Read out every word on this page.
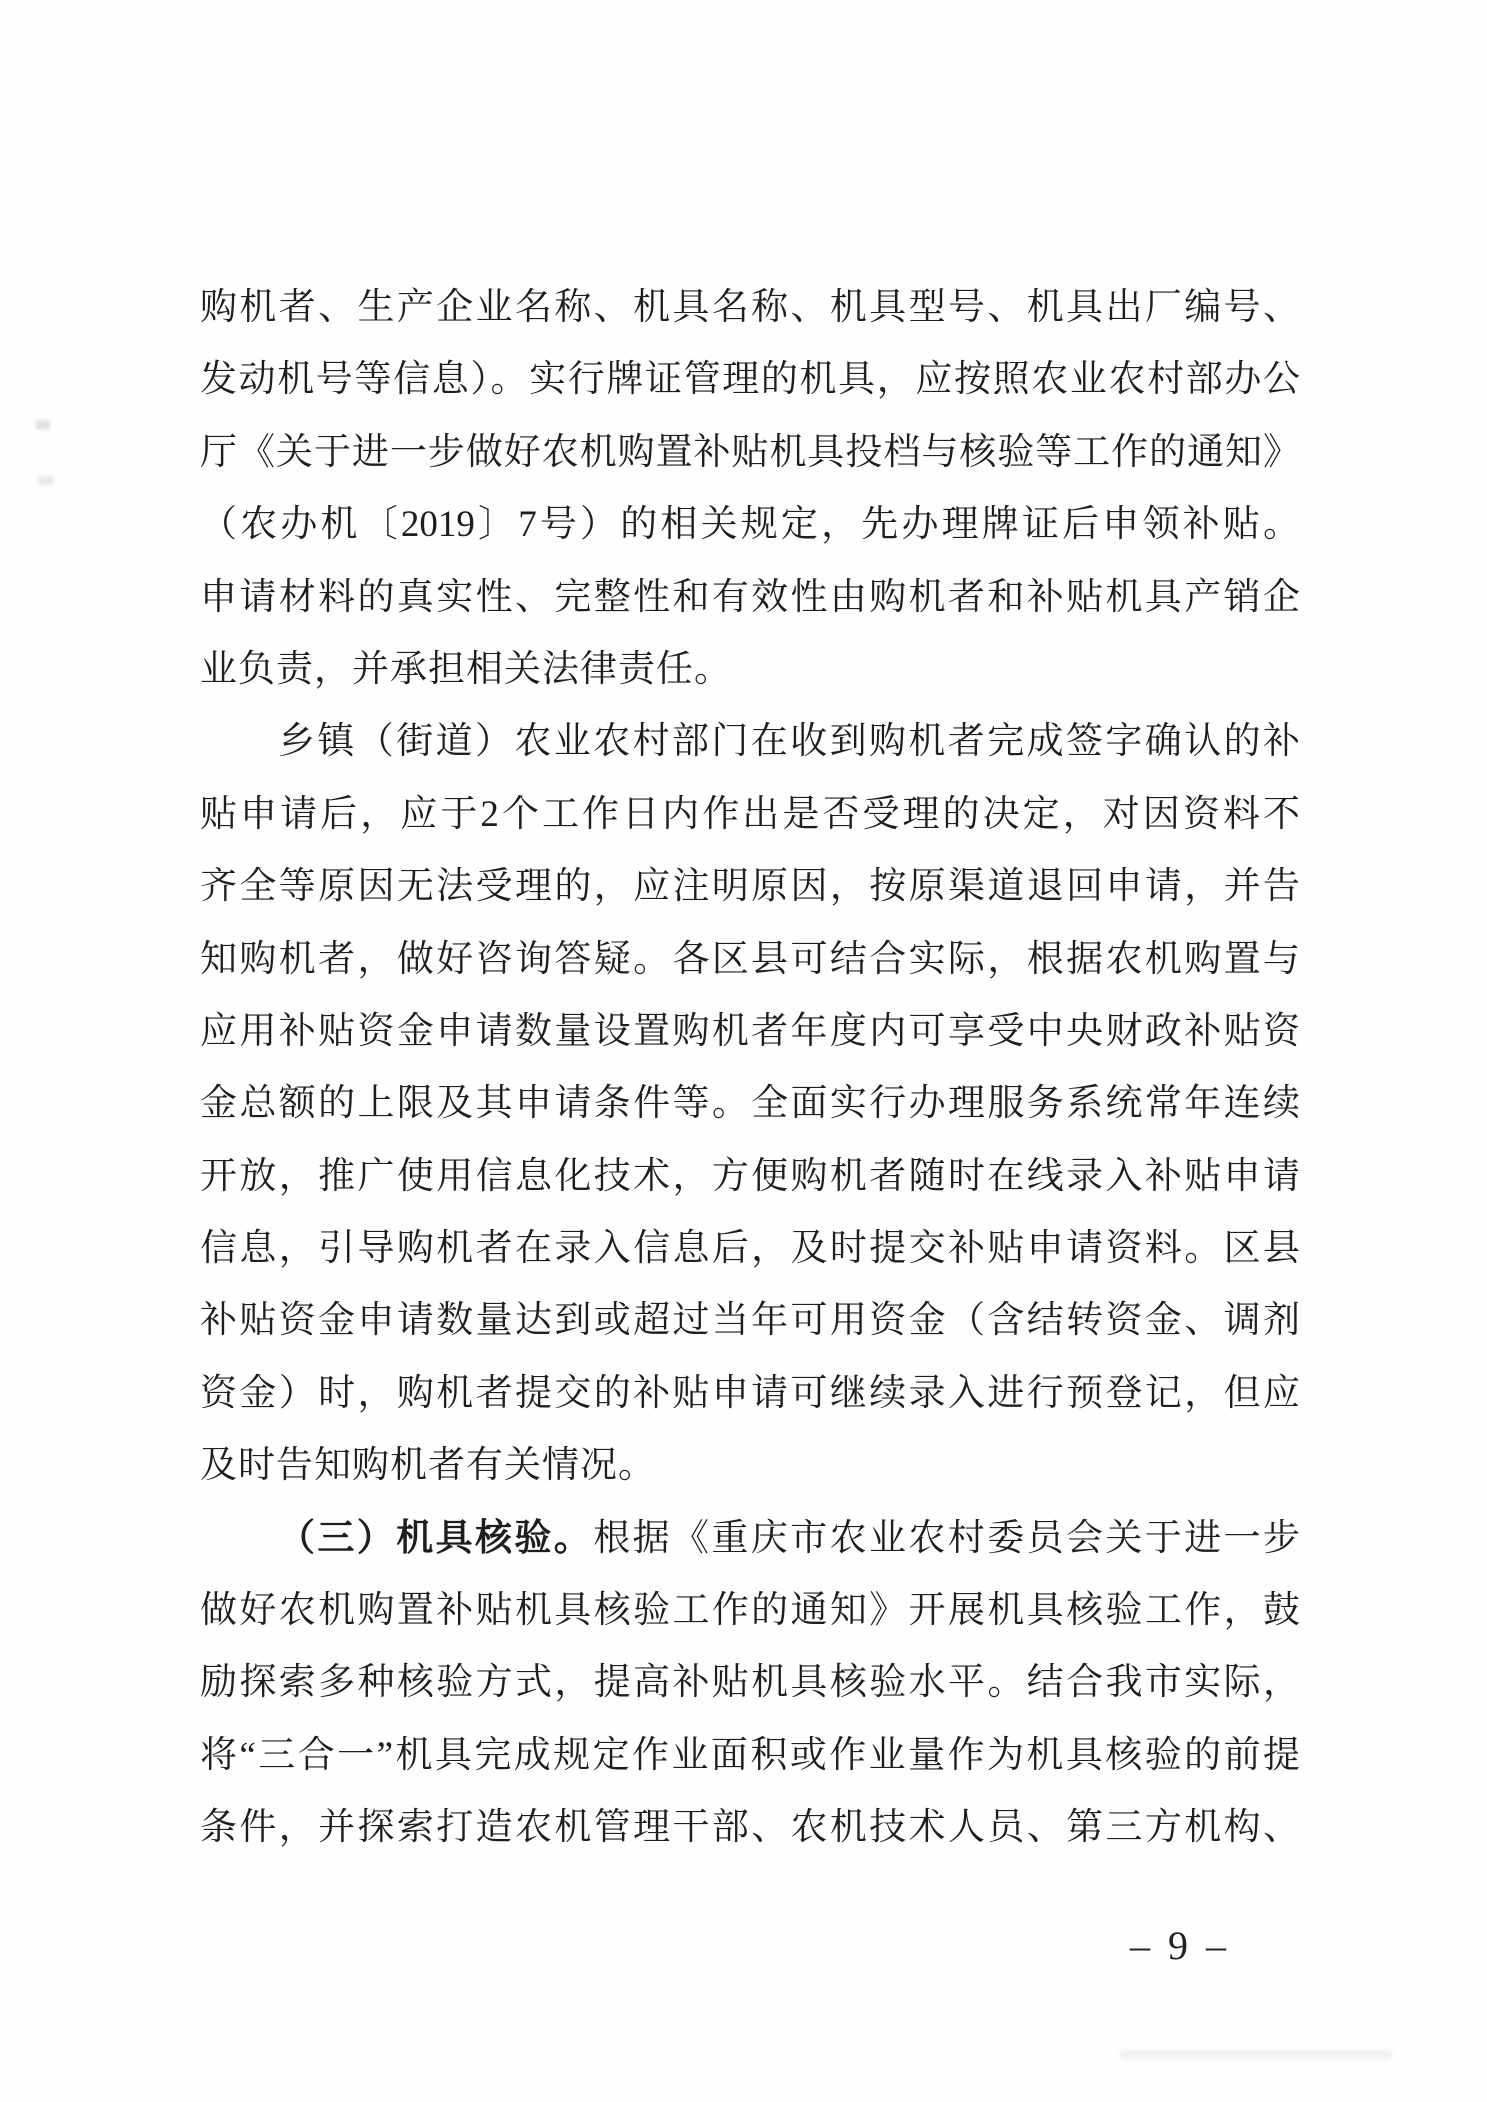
购机者、生产企业名称、机具名称、机具型号、机具出厂编号、
发动机号等信息）。实行牌证管理的机具，应按照农业农村部办公
厅《关于进一步做好农机购置补贴机具投档与核验等工作的通知》
（农办机〔2019〕7号）的相关规定，先办理牌证后申领补贴。
申请材料的真实性、完整性和有效性由购机者和补贴机具产销企
业负责，并承担相关法律责任。
乡镇（街道）农业农村部门在收到购机者完成签字确认的补
贴申请后，应于2个工作日内作出是否受理的决定，对因资料不
齐全等原因无法受理的，应注明原因，按原渠道退回申请，并告
知购机者，做好咨询答疑。各区县可结合实际，根据农机购置与
应用补贴资金申请数量设置购机者年度内可享受中央财政补贴资
金总额的上限及其申请条件等。全面实行办理服务系统常年连续
开放，推广使用信息化技术，方便购机者随时在线录入补贴申请
信息，引导购机者在录入信息后，及时提交补贴申请资料。区县
补贴资金申请数量达到或超过当年可用资金（含结转资金、调剂
资金）时，购机者提交的补贴申请可继续录入进行预登记，但应
及时告知购机者有关情况。
（三）机具核验。根据《重庆市农业农村委员会关于进一步
做好农机购置补贴机具核验工作的通知》开展机具核验工作，鼓
励探索多种核验方式，提高补贴机具核验水平。结合我市实际，
将“三合一”机具完成规定作业面积或作业量作为机具核验的前提
条件，并探索打造农机管理干部、农机技术人员、第三方机构、
– 9 –
